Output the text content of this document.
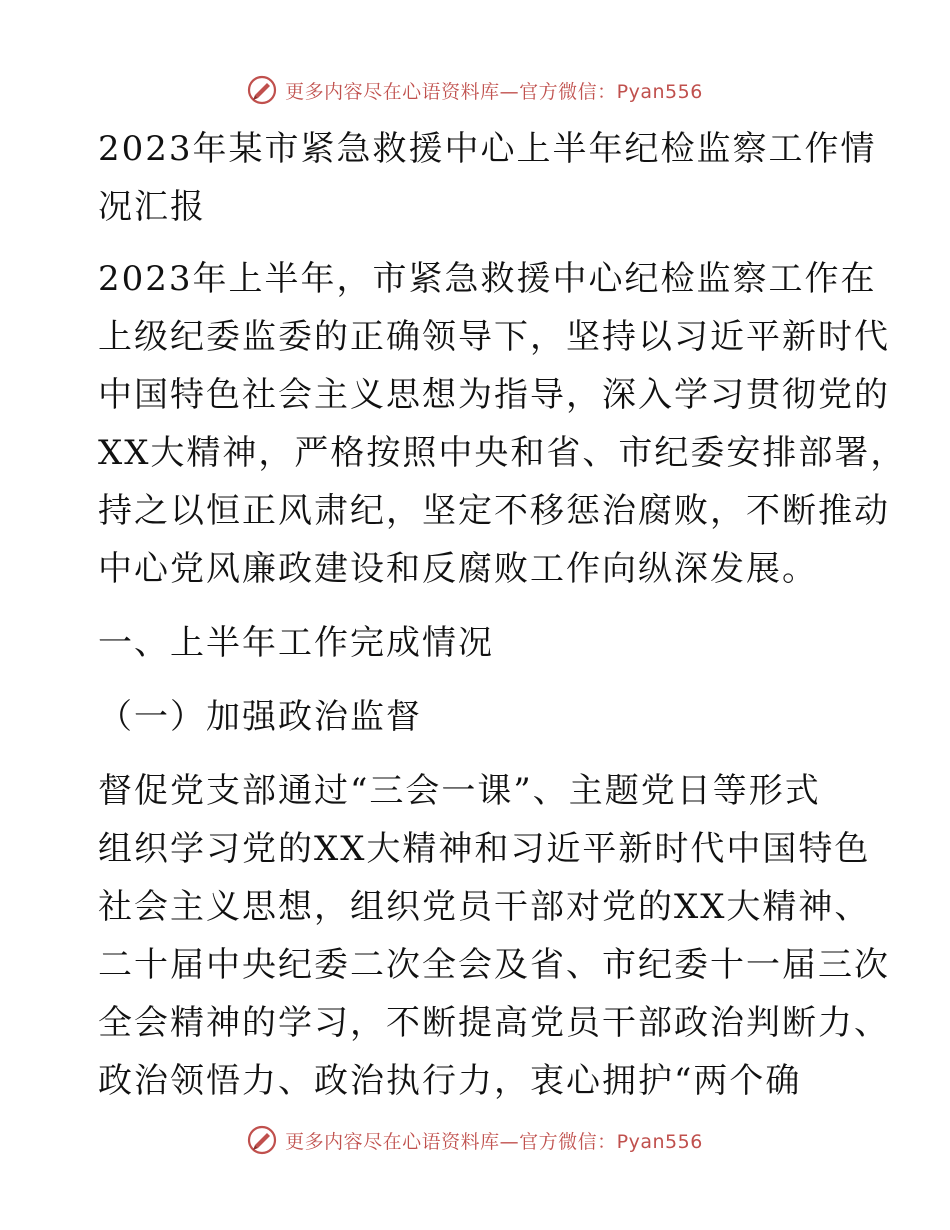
更多内容尽在心语资料库—官方微信：Pyan556
2023年某市紧急救援中心上半年纪检监察工作情
况汇报
2023年上半年，市紧急救援中心纪检监察工作在
上级纪委监委的正确领导下，坚持以习近平新时代
中国特色社会主义思想为指导，深入学习贯彻党的
XX大精神，严格按照中央和省、市纪委安排部署，
持之以恒正风肃纪，坚定不移惩治腐败，不断推动
中心党风廉政建设和反腐败工作向纵深发展。
一、上半年工作完成情况
（一）加强政治监督
督促党支部通过“三会一课”、主题党日等形式
组织学习党的XX大精神和习近平新时代中国特色
社会主义思想，组织党员干部对党的XX大精神、
二十届中央纪委二次全会及省、市纪委十一届三次
全会精神的学习，不断提高党员干部政治判断力、
政治领悟力、政治执行力，衷心拥护“两个确
更多内容尽在心语资料库—官方微信：Pyan556
